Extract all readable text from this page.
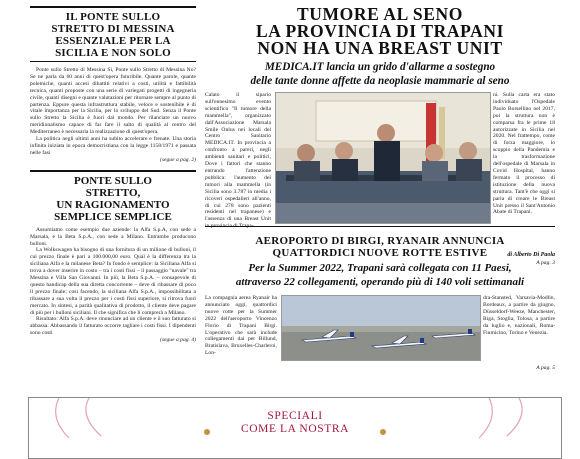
IL PONTE SULLO
STRETTO DI MESSINA
ESSENZIALE PER LA
SICILIA E NON SOLO

Ponte sullo Stretto di Messina Sì, Ponte sullo Stretto di Messina No? Se ne parla da 60 anni di quest'opera futuribile. Quante parole, quante polemiche, quanti accesi dibattiti relativi a costi, utilità e fattibilità tecnica, quanti proposte con una serie di variegati progetti di ingegneria civile, quanti disegni e quante valutazioni per ritornare sempre al punto di partenza. Eppure questa infrastruttura stabile, veloce e sostenibile è di vitale importanza per la Sicilia, per lo sviluppo del Sud. Senza il Ponte sullo Stretto la Sicilia è fuori dal mondo. Per rilanciare un nuovo meridionalismo capace di far fare il salto di qualità al centro del Mediterraneo è necessaria la realizzazione di quest'opera.

La politica negli ultimi anni ha subito accelerare e frenate. Una storia infinita iniziata in epoca democristiana con la legge 1158/1971 e passata nelle fasi

(segue a pag. 2)
PONTE SULLO
STRETTO,
UN RAGIONAMENTO
SEMPLICE SEMPLICE

Assumiamo come esempio due aziende: la Alfa S.p.A, con sede a Marsala, e la Beta S.p.A., con sede a Milano. Entrambe producono bulloni.

La Wolkswagen ha bisogno di una fornitura di un milione di bulloni, il cui prezzo finale è pari a 100.000,00 euro. Qual è la differenza tra la siciliana Alfa e la milanese Beta? In fondo è semplice: la Siciliana Alfa si trova a dover inserire in costo – tra i costi fissi – il passaggio "navale" tra Messina e Villa San Giovanni. In più, la Beta S.p.A. – consapevole di questo handicap della sua diretta concorrente – deve di ribassare di poco il prezzo finale; così facendo, la siciliana Alfa S.p.A., impossibilitata a ribassare a sua volta il prezzo per i costi fissi superiore, si ritrova fuori mercato. In sintesi, a parità qualitativa di prodotto, il cliente deve pagare di più per i bulloni siciliani. Il che significa che li comprerà a Milano.

Risultato: Alfa S.p.A. deve rinunciare ad un cliente e il suo fatturato si abbassa. Abbassando il fatturato occorre tagliare i costi fissi. I dipendenti sono costi

(segue a pag. 4)
TUMORE AL SENO
LA PROVINCIA DI TRAPANI
NON HA UNA BREAST UNIT
MEDICA.IT lancia un grido d'allarme a sostegno
delle tante donne affette da neoplasie mammarie al seno
Calato il sipario sull'ennesimo evento scientifico "Il tumore della mammella", organizzato dall'Associazione Marsala Smile Onlus nei locali del Centro Sanitario MEDICA.IT. In provincia a confronto a pareri, negli ambienti sanitari e politici, Dove i fattori che stanno entrando l'attenzione pubblica: l'aumento dei tumori alla mammella (in Sicilia sono 3.787 in media i ricoveri ospedalieri all'anno, di cui 278 sono pazienti residenti nel trapanese) e l'assenza di una Breast Unit in provincia di Trapa-
ni. Sulla carta era stato individuato l'Ospedale Paolo Borsellino nel 2017, poi la struttura non è comparsa fra le prime 18 autorizzate in Sicilia nel 2020. Nel frattempo, come di forza maggiore, lo scoppio della Pandemia e la trasformazione dell'ospedale di Marsala in Covid Hospital, hanno fermato il processo di istituzione della nuova struttura. Tant'è che oggi si parla di creare le Breast Unit presso il Sant'Antonio Abate di Trapani.
di Alberto Di Paola
A pag. 3
AEROPORTO DI BIRGI, RYANAIR ANNUNCIA
QUATTORDICI NUOVE ROTTE ESTIVE
Per la Summer 2022, Trapani sarà collegata con 11 Paesi,
attraverso 22 collegamenti, operando più di 140 voli settimanali
La compagnia aerea Ryanair ha annunciato oggi, quattordici nuove rotte per la Summer 2022 dell'aeroporto Vincenzo Florio di Trapani Birgi. L'operativo che sarà include collegamenti dai per Billund, Bratislava, Bruxelles-Charleroi, Lon-
dra-Stansted, Varsavia-Modlin, Bordeaux, a partire da giugno, Düsseldorf-Weeze, Manchester, Riga, Stoglia, Tolosa, a partire da luglio e, nazionali, Roma-Fiumicino, Torino e Venezia.
A pag. 5
SPECIALI
COME LA NOSTRA
